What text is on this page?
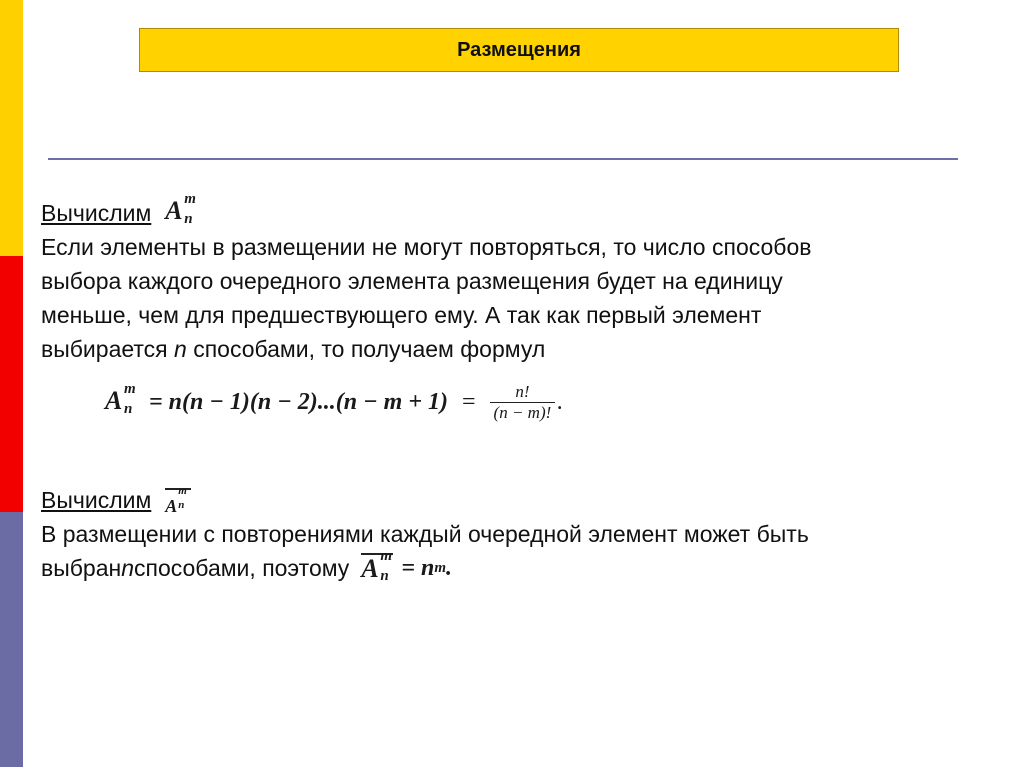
Размещения
Вычислим A m
n
Если элементы в размещении не могут повторяться, то число способов
выбора каждого очередного элемента размещения будет на единицу
меньше, чем для предшествующего ему. А так как первый элемент
выбирается n способами, то получаем формул
A m
$n = n(n - 1)(n - 2)...(n - m + 1) = \frac{n!}{(n - m)!}$ .
Вычислим A
m
n
В размещении с повторениями каждый очередной элемент может быть
выбран n способами, поэтому A m
n = n m .
